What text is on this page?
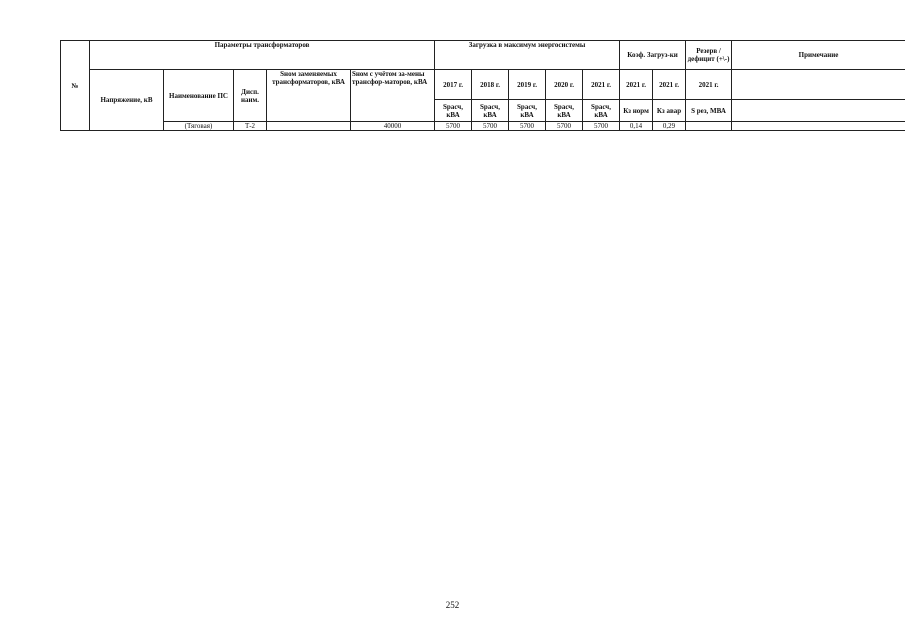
№	Параметры трансформаторов					Загрузка в максимум энергосистемы					Коэф. Загруз-ки		Резерв /дефицит (+\-)	Примечание
	Напряжение, кВ	Наименование ПС	Дисп. наим.	Sном заменяемых трансформаторов, кВА	Sном с учётом за-мены трансфор-маторов, кВА	2017 г.	2018 г.	2019 г.	2020 г.	2021 г.	2021 г.	2021 г.	2021 г.	
						Sрасч, кВА	Sрасч, кВА	Sрасч, кВА	Sрасч, кВА	Sрасч, кВА	Кз норм	Кз авар	S рез, МВА	
		(Тяговая)	Т-2		40000	5700	5700	5700	5700	5700	0,14	0,29		
252
